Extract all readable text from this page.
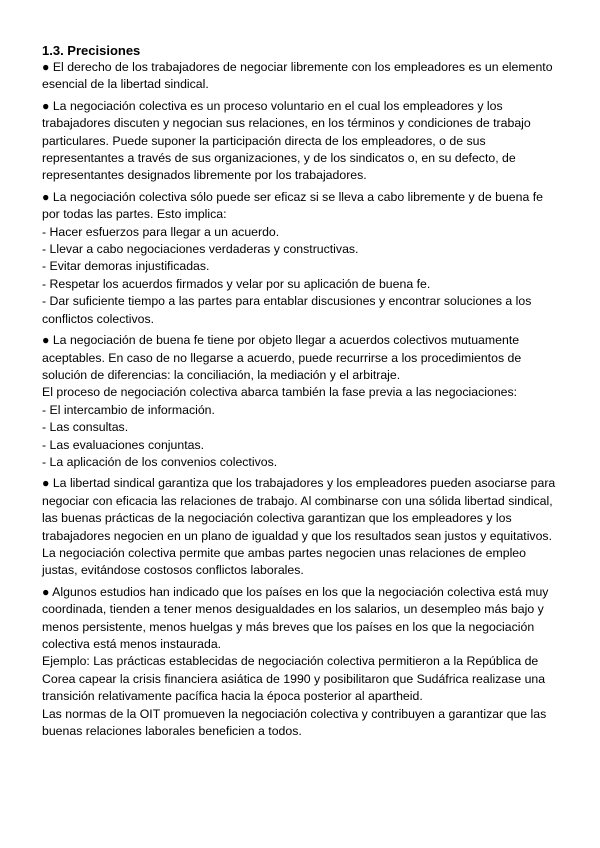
1.3. Precisiones

● El derecho de los trabajadores de negociar libremente con los empleadores es un elemento esencial de la libertad sindical.

● La negociación colectiva es un proceso voluntario en el cual los empleadores y los trabajadores discuten y negocian sus relaciones, en los términos y condiciones de trabajo particulares. Puede suponer la participación directa de los empleadores, o de sus representantes a través de sus organizaciones, y de los sindicatos o, en su defecto, de representantes designados libremente por los trabajadores.

● La negociación colectiva sólo puede ser eficaz si se lleva a cabo libremente y de buena fe por todas las partes. Esto implica:

- Hacer esfuerzos para llegar a un acuerdo.

- Llevar a cabo negociaciones verdaderas y constructivas.

- Evitar demoras injustificadas.

- Respetar los acuerdos firmados y velar por su aplicación de buena fe.

- Dar suficiente tiempo a las partes para entablar discusiones y encontrar soluciones a los conflictos colectivos.

● La negociación de buena fe tiene por objeto llegar a acuerdos colectivos mutuamente aceptables. En caso de no llegarse a acuerdo, puede recurrirse a los procedimientos de solución de diferencias: la conciliación, la mediación y el arbitraje.

El proceso de negociación colectiva abarca también la fase previa a las negociaciones:

- El intercambio de información.

- Las consultas.

- Las evaluaciones conjuntas.

- La aplicación de los convenios colectivos.

● La libertad sindical garantiza que los trabajadores y los empleadores pueden asociarse para negociar con eficacia las relaciones de trabajo. Al combinarse con una sólida libertad sindical, las buenas prácticas de la negociación colectiva garantizan que los empleadores y los trabajadores negocien en un plano de igualdad y que los resultados sean justos y equitativos.

La negociación colectiva permite que ambas partes negocien unas relaciones de empleo justas, evitándose costosos conflictos laborales.

● Algunos estudios han indicado que los países en los que la negociación colectiva está muy coordinada, tienden a tener menos desigualdades en los salarios, un desempleo más bajo y menos persistente, menos huelgas y más breves que los países en los que la negociación colectiva está menos instaurada.

Ejemplo: Las prácticas establecidas de negociación colectiva permitieron a la República de Corea capear la crisis financiera asiática de 1990 y posibilitaron que Sudáfrica realizase una transición relativamente pacífica hacia la época posterior al apartheid.

Las normas de la OIT promueven la negociación colectiva y contribuyen a garantizar que las buenas relaciones laborales beneficien a todos.
